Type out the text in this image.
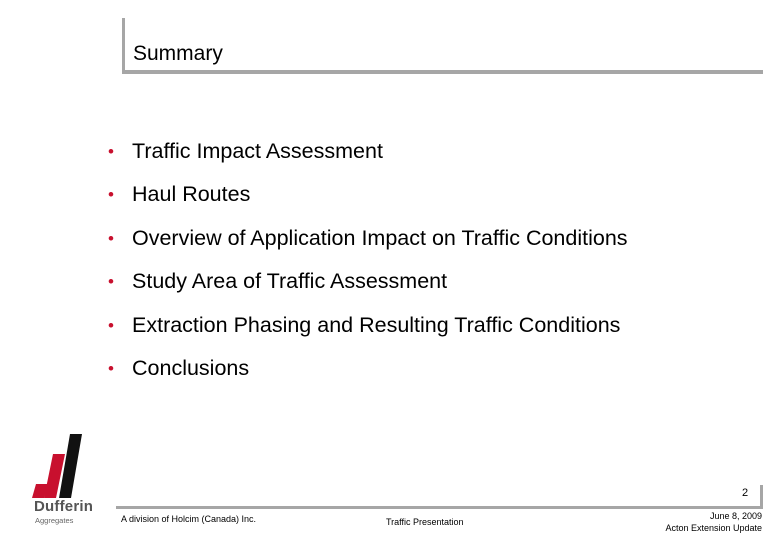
Summary
• Traffic Impact Assessment
• Haul Routes
• Overview of Application Impact on Traffic Conditions
• Study Area of Traffic Assessment
• Extraction Phasing and Resulting Traffic Conditions
• Conclusions
Dufferin
Aggregates
2
A division of Holcim (Canada) Inc.	Traffic Presentation
June 8, 2009
Acton Extension Update
